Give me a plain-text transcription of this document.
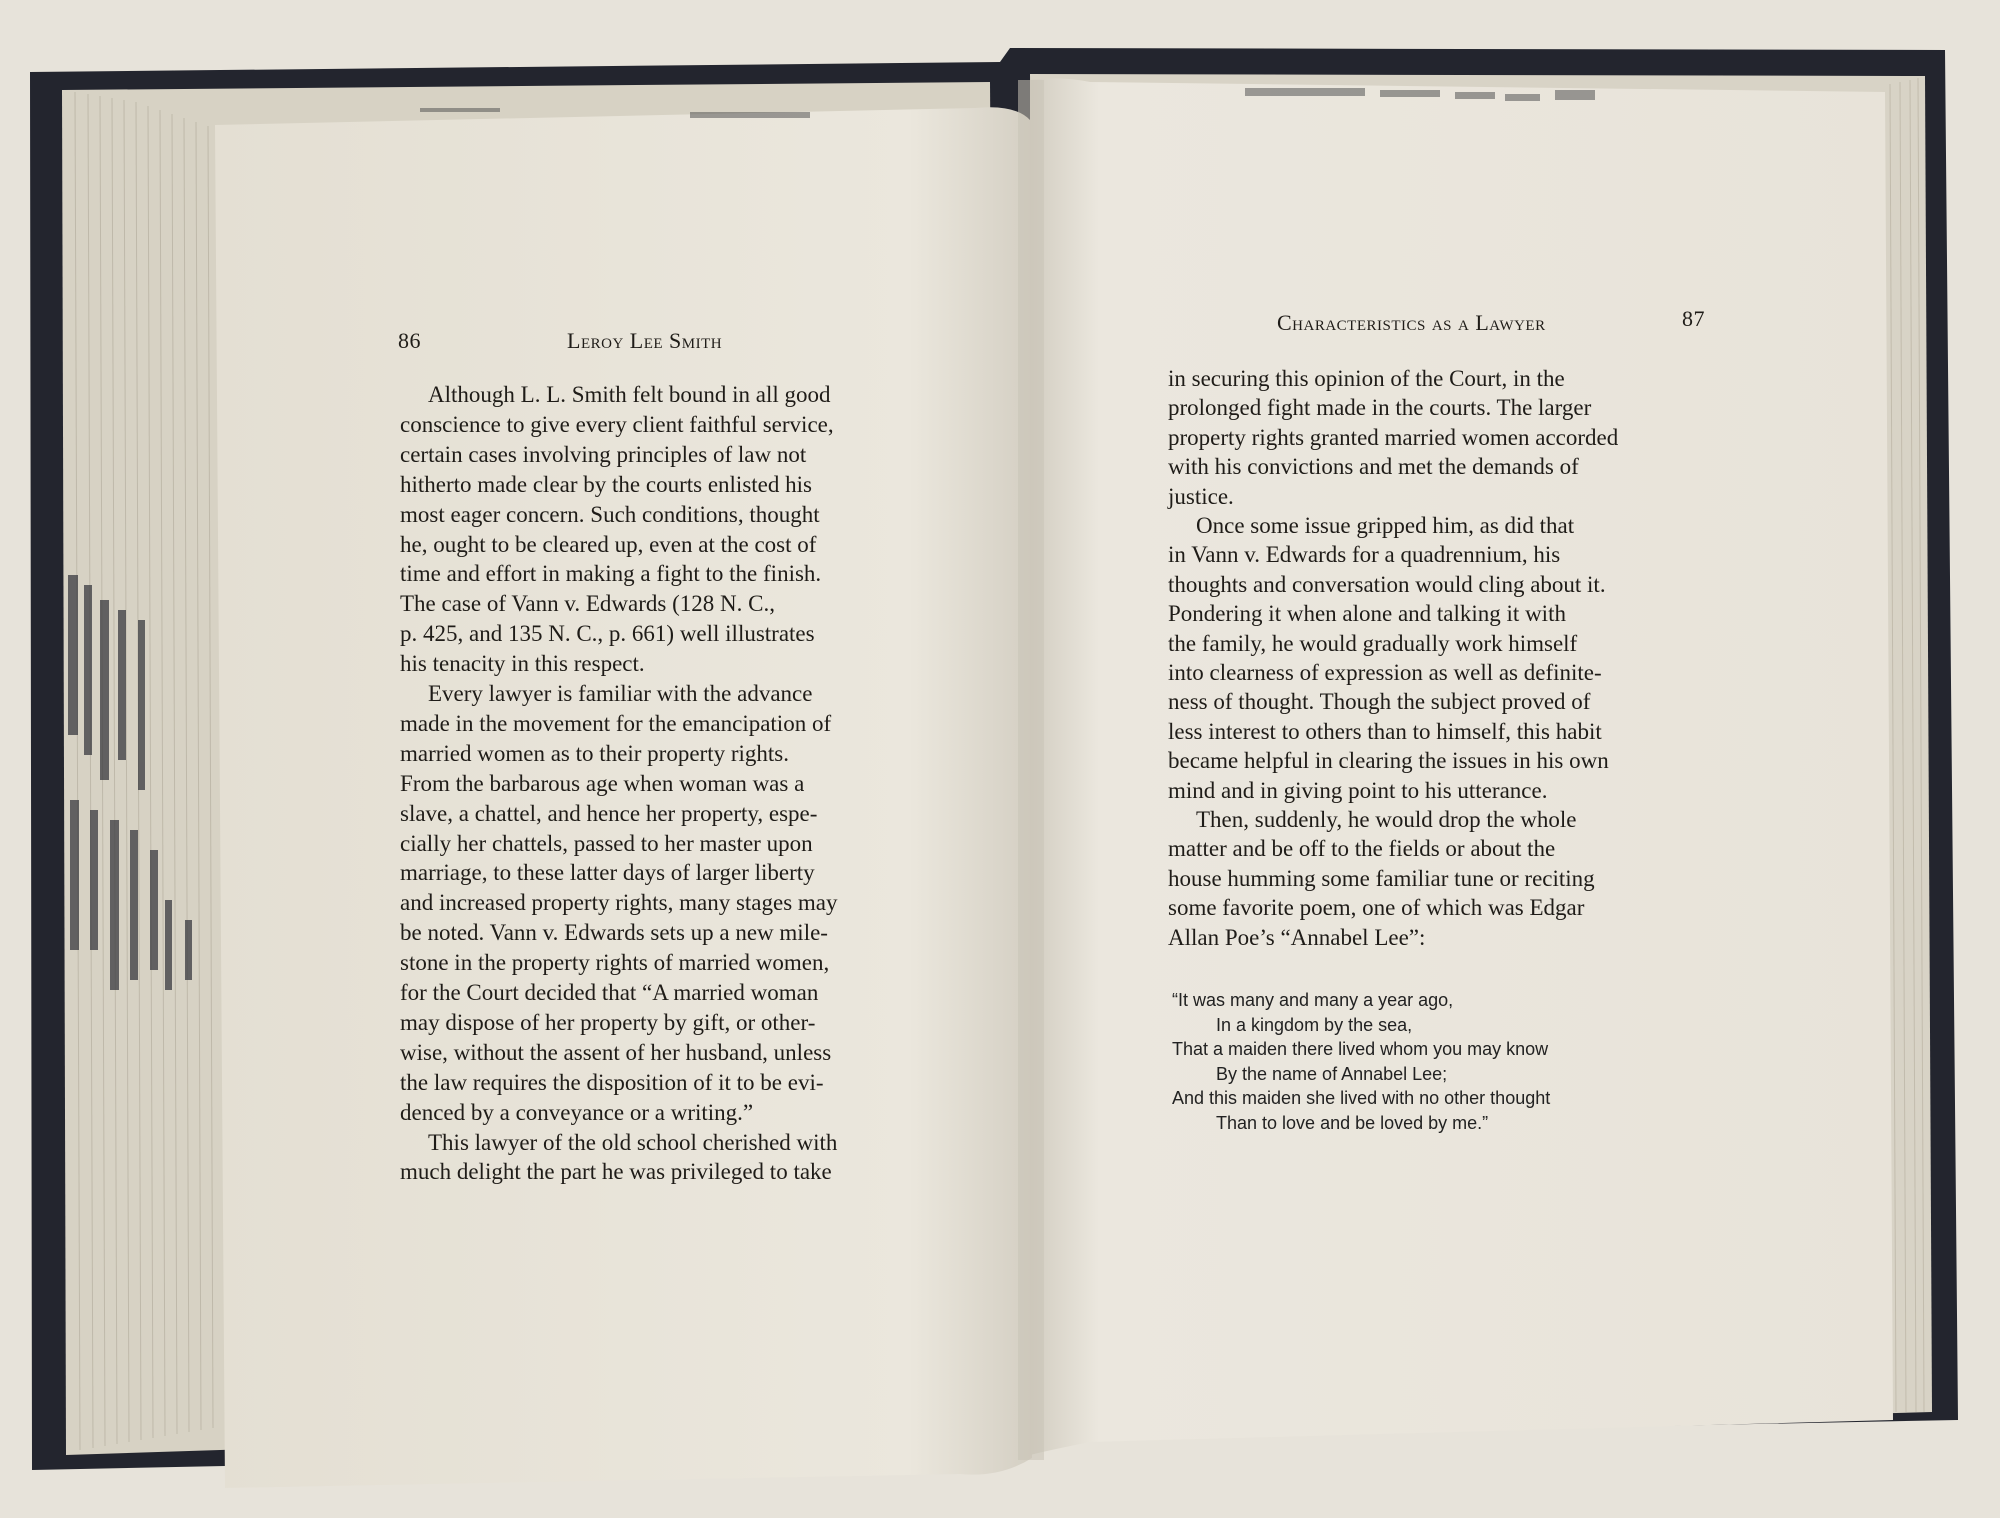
86	Leroy Lee Smith
Although L. L. Smith felt bound in all good
conscience to give every client faithful service,
certain cases involving principles of law not
hitherto made clear by the courts enlisted his
most eager concern. Such conditions, thought
he, ought to be cleared up, even at the cost of
time and effort in making a fight to the finish.
The case of Vann v. Edwards (128 N. C.,
p. 425, and 135 N. C., p. 661) well illustrates
his tenacity in this respect.
Every lawyer is familiar with the advance
made in the movement for the emancipation of
married women as to their property rights.
From the barbarous age when woman was a
slave, a chattel, and hence her property, espe-
cially her chattels, passed to her master upon
marriage, to these latter days of larger liberty
and increased property rights, many stages may
be noted. Vann v. Edwards sets up a new mile-
stone in the property rights of married women,
for the Court decided that “A married woman
may dispose of her property by gift, or other-
wise, without the assent of her husband, unless
the law requires the disposition of it to be evi-
denced by a conveyance or a writing.”
This lawyer of the old school cherished with
much delight the part he was privileged to take
Characteristics as a Lawyer	87
in securing this opinion of the Court, in the
prolonged fight made in the courts. The larger
property rights granted married women accorded
with his convictions and met the demands of
justice.
Once some issue gripped him, as did that
in Vann v. Edwards for a quadrennium, his
thoughts and conversation would cling about it.
Pondering it when alone and talking it with
the family, he would gradually work himself
into clearness of expression as well as definite-
ness of thought. Though the subject proved of
less interest to others than to himself, this habit
became helpful in clearing the issues in his own
mind and in giving point to his utterance.
Then, suddenly, he would drop the whole
matter and be off to the fields or about the
house humming some familiar tune or reciting
some favorite poem, one of which was Edgar
Allan Poe’s “Annabel Lee”:
“It was many and many a year ago,
In a kingdom by the sea,
That a maiden there lived whom you may know
By the name of Annabel Lee;
And this maiden she lived with no other thought
Than to love and be loved by me.”
